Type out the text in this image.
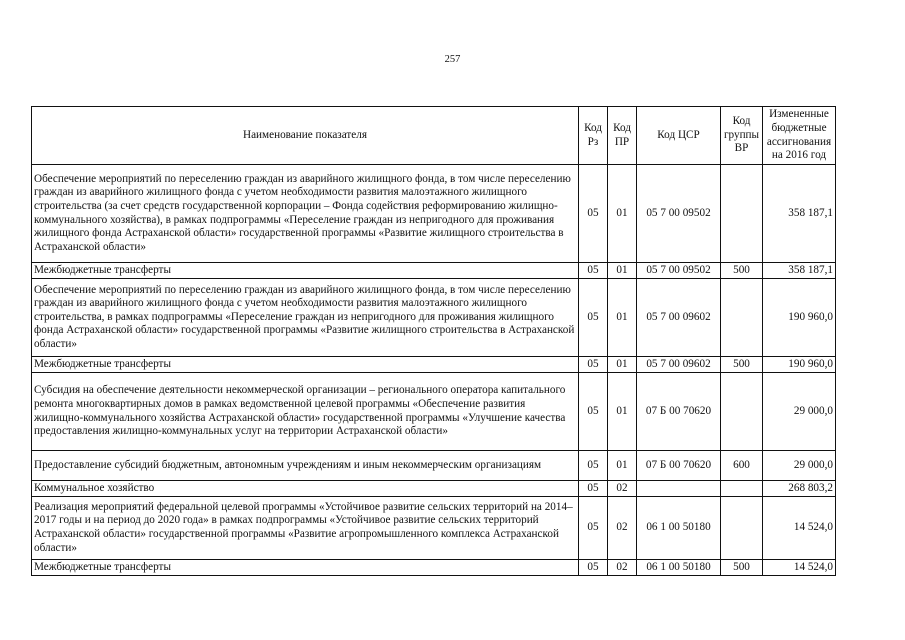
257
Наименование показателя	Код Рз	Код ПР	Код ЦСР	Код группы ВР	Измененные бюджетные ассигнования на 2016 год
Обеспечение мероприятий по переселению граждан из аварийного жилищного фонда, в том числе переселению граждан из аварийного жилищного фонда с учетом необходимости развития малоэтажного жилищного строительства (за счет средств государственной корпорации – Фонда содействия реформированию жилищно-коммунального хозяйства), в рамках подпрограммы «Переселение граждан из непригодного для проживания жилищного фонда Астраханской области» государственной программы «Развитие жилищного строительства в Астраханской области»	05	01	05 7 00 09502		358 187,1
Межбюджетные трансферты	05	01	05 7 00 09502	500	358 187,1
Обеспечение мероприятий по переселению граждан из аварийного жилищного фонда, в том числе переселению граждан из аварийного жилищного фонда с учетом необходимости развития малоэтажного жилищного строительства, в рамках подпрограммы «Переселение граждан из непригодного для проживания жилищного фонда Астраханской области» государственной программы «Развитие жилищного строительства в Астраханской области»	05	01	05 7 00 09602		190 960,0
Межбюджетные трансферты	05	01	05 7 00 09602	500	190 960,0
Субсидия на обеспечение деятельности некоммерческой организации – регионального оператора капитального ремонта многоквартирных домов в рамках ведомственной целевой программы «Обеспечение развития жилищно-коммунального хозяйства Астраханской области» государственной программы «Улучшение качества предоставления жилищно-коммунальных услуг на территории Астраханской области»	05	01	07 Б 00 70620		29 000,0
Предоставление субсидий бюджетным, автономным учреждениям и иным некоммерческим организациям	05	01	07 Б 00 70620	600	29 000,0
Коммунальное хозяйство	05	02			268 803,2
Реализация мероприятий федеральной целевой программы «Устойчивое развитие сельских территорий на 2014–2017 годы и на период до 2020 года» в рамках подпрограммы «Устойчивое развитие сельских территорий Астраханской области» государственной программы «Развитие агропромышленного комплекса Астраханской области»	05	02	06 1 00 50180		14 524,0
Межбюджетные трансферты	05	02	06 1 00 50180	500	14 524,0
